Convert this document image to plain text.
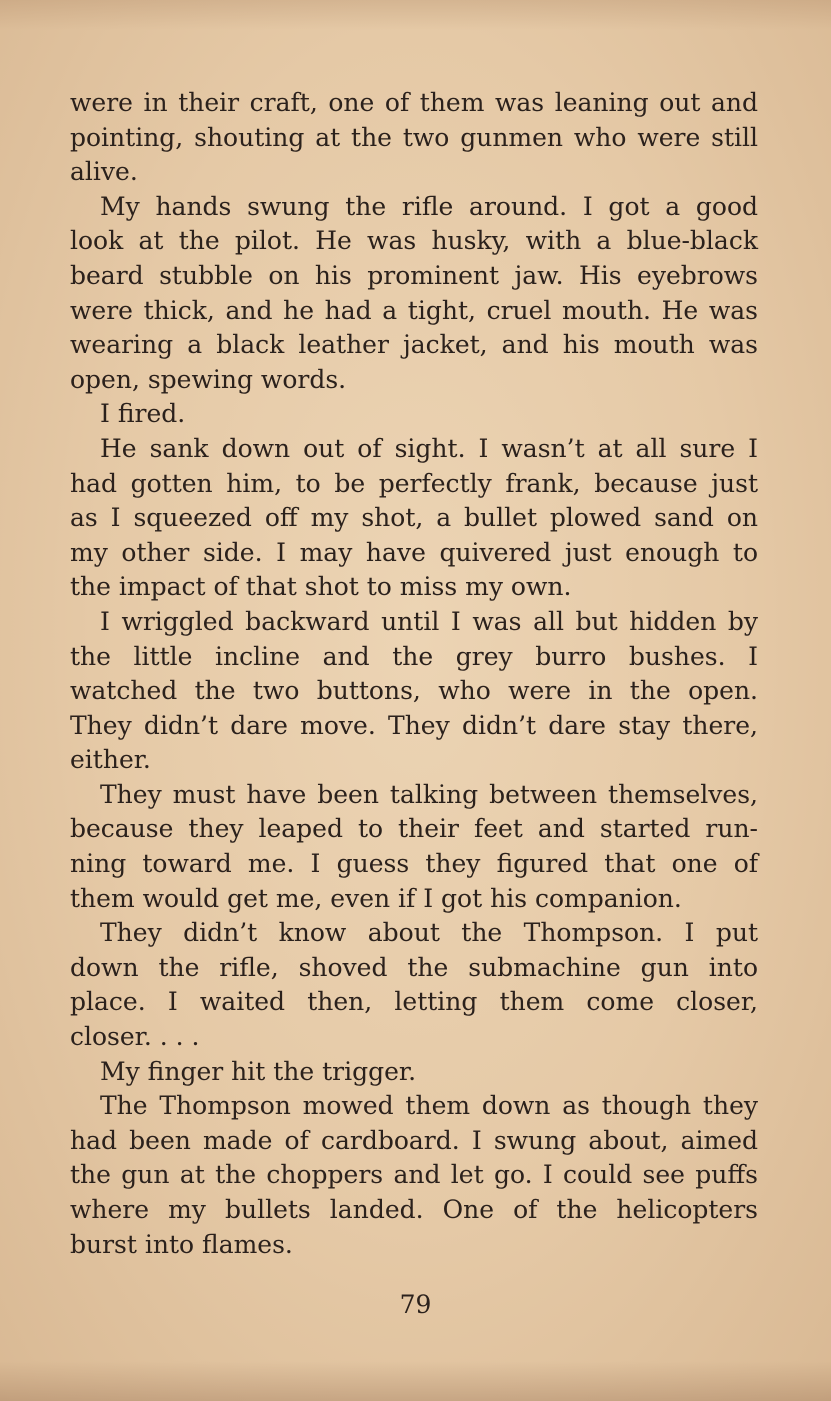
were in their craft, one of them was leaning out and
pointing, shouting at the two gunmen who were still
alive.
My hands swung the rifle around. I got a good
look at the pilot. He was husky, with a blue-black
beard stubble on his prominent jaw. His eyebrows
were thick, and he had a tight, cruel mouth. He was
wearing a black leather jacket, and his mouth was
open, spewing words.
I fired.
He sank down out of sight. I wasn’t at all sure I
had gotten him, to be perfectly frank, because just
as I squeezed off my shot, a bullet plowed sand on
my other side. I may have quivered just enough to
the impact of that shot to miss my own.
I wriggled backward until I was all but hidden by
the little incline and the grey burro bushes. I
watched the two buttons, who were in the open.
They didn’t dare move. They didn’t dare stay there,
either.
They must have been talking between themselves,
because they leaped to their feet and started run-
ning toward me. I guess they figured that one of
them would get me, even if I got his companion.
They didn’t know about the Thompson. I put
down the rifle, shoved the submachine gun into
place. I waited then, letting them come closer,
closer. . . .
My finger hit the trigger.
The Thompson mowed them down as though they
had been made of cardboard. I swung about, aimed
the gun at the choppers and let go. I could see puffs
where my bullets landed. One of the helicopters
burst into flames.
79
